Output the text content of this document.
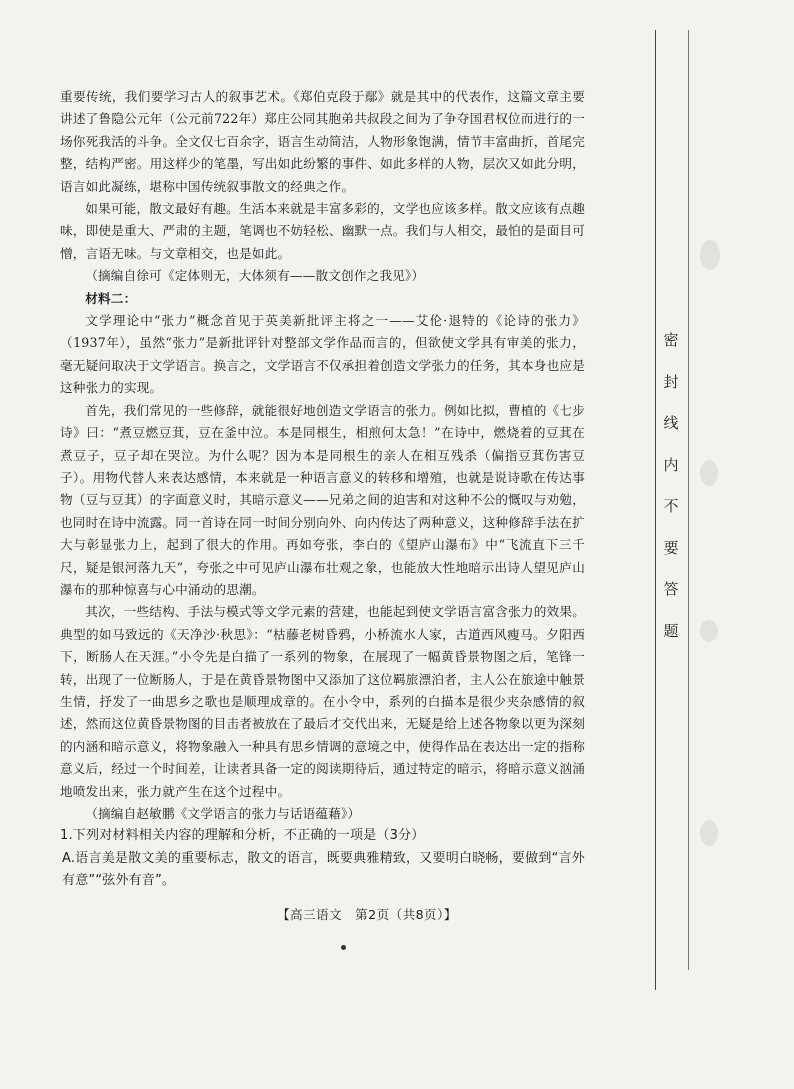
重要传统，我们要学习古人的叙事艺术。《郑伯克段于鄢》就是其中的代表作，这篇文章主要讲述了鲁隐公元年（公元前722年）郑庄公同其胞弟共叔段之间为了争夺国君权位而进行的一场你死我活的斗争。全文仅七百余字，语言生动简洁，人物形象饱满，情节丰富曲折，首尾完整，结构严密。用这样少的笔墨，写出如此纷繁的事件、如此多样的人物，层次又如此分明，语言如此凝练，堪称中国传统叙事散文的经典之作。

如果可能，散文最好有趣。生活本来就是丰富多彩的，文学也应该多样。散文应该有点趣味，即使是重大、严肃的主题，笔调也不妨轻松、幽默一点。我们与人相交，最怕的是面目可憎，言语无味。与文章相交，也是如此。

（摘编自徐可《定体则无，大体须有——散文创作之我见》）

材料二：

文学理论中“张力”概念首见于英美新批评主将之一——艾伦·退特的《论诗的张力》（1937年），虽然“张力”是新批评针对整部文学作品而言的，但欲使文学具有审美的张力，毫无疑问取决于文学语言。换言之，文学语言不仅承担着创造文学张力的任务，其本身也应是这种张力的实现。

首先，我们常见的一些修辞，就能很好地创造文学语言的张力。例如比拟，曹植的《七步诗》曰：“煮豆燃豆萁，豆在釜中泣。本是同根生，相煎何太急！”在诗中，燃烧着的豆萁在煮豆子，豆子却在哭泣。为什么呢？因为本是同根生的亲人在相互残杀（偏指豆萁伤害豆子）。用物代替人来表达感情，本来就是一种语言意义的转移和增殖，也就是说诗歌在传达事物（豆与豆萁）的字面意义时，其暗示意义——兄弟之间的迫害和对这种不公的慨叹与劝勉，也同时在诗中流露。同一首诗在同一时间分别向外、向内传达了两种意义，这种修辞手法在扩大与彰显张力上，起到了很大的作用。再如夸张，李白的《望庐山瀑布》中“飞流直下三千尺，疑是银河落九天”，夸张之中可见庐山瀑布壮观之象，也能放大性地暗示出诗人望见庐山瀑布的那种惊喜与心中涌动的思潮。

其次，一些结构、手法与模式等文学元素的营建，也能起到使文学语言富含张力的效果。典型的如马致远的《天净沙·秋思》：“枯藤老树昏鸦，小桥流水人家，古道西风瘦马。夕阳西下，断肠人在天涯。”小令先是白描了一系列的物象，在展现了一幅黄昏景物图之后，笔锋一转，出现了一位断肠人，于是在黄昏景物图中又添加了这位羁旅漂泊者，主人公在旅途中触景生情，抒发了一曲思乡之歌也是顺理成章的。在小令中，系列的白描本是很少夹杂感情的叙述，然而这位黄昏景物图的目击者被放在了最后才交代出来，无疑是给上述各物象以更为深刻的内涵和暗示意义，将物象融入一种具有思乡情调的意境之中，使得作品在表达出一定的指称意义后，经过一个时间差，让读者具备一定的阅读期待后，通过特定的暗示，将暗示意义汹涌地喷发出来，张力就产生在这个过程中。

（摘编自赵敏鹏《文学语言的张力与话语蕴藉》）

1.下列对材料相关内容的理解和分析，不正确的一项是（3分）

A.语言美是散文美的重要标志，散文的语言，既要典雅精致，又要明白晓畅，要做到“言外有意”“弦外有音”。

【高三语文　第2页（共8页）】
密
封
线
内
不
要
答
题
